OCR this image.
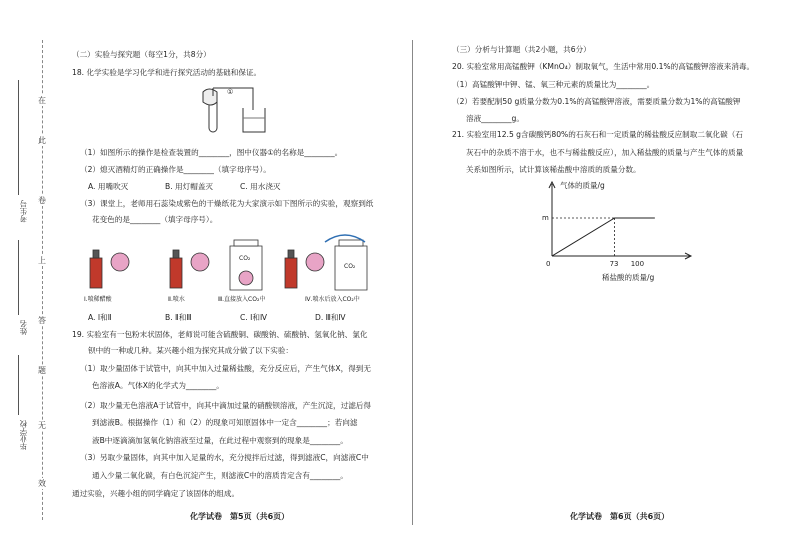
考生号
姓名
毕业学校
在
此
卷
上
答
题
无
效
（二）实验与探究题（每空1分，共8分）
18. 化学实验是学习化学和进行探究活动的基础和保证。
①
（1）如图所示的操作是检查装置的________，图中仪器①的名称是________。
（2）熄灭酒精灯的正确操作是________（填字母序号）。
A. 用嘴吹灭	B. 用灯帽盖灭	C. 用水浇灭
（3）课堂上，老师用石蕊染成紫色的干燥纸花为大家演示如下图所示的实验，观察到纸
花变色的是________（填字母序号）。
CO₂
CO₂
Ⅰ.喷稀醋酸	Ⅱ.喷水	Ⅲ.直接放入CO₂中	Ⅳ.喷水后放入CO₂中
A. Ⅰ和Ⅱ	B. Ⅱ和Ⅲ	C. Ⅰ和Ⅳ	D. Ⅲ和Ⅳ
19. 实验室有一包粉末状固体，老师说可能含硫酸铜、碳酸钠、硫酸钠、氢氧化钠、氯化
钡中的一种或几种。某兴趣小组为探究其成分做了以下实验：
（1）取少量固体于试管中，向其中加入过量稀盐酸，充分反应后，产生气体X，得到无
色溶液A。气体X的化学式为________。
（2）取少量无色溶液A于试管中，向其中滴加过量的硝酸钡溶液，产生沉淀，过滤后得
到滤液B。根据操作（1）和（2）的现象可知原固体中一定含________；若向滤
液B中逐滴滴加氢氧化钠溶液至过量，在此过程中观察到的现象是________。
（3）另取少量固体，向其中加入足量的水，充分搅拌后过滤，得到滤液C，向滤液C中
通入少量二氧化碳，有白色沉淀产生，则滤液C中的溶质肯定含有________。
通过实验，兴趣小组的同学确定了该固体的组成。
化学试卷　第5页（共6页）
（三）分析与计算题（共2小题，共6分）
20. 实验室常用高锰酸钾（KMnO₄）制取氧气，生活中常用0.1%的高锰酸钾溶液来消毒。
（1）高锰酸钾中钾、锰、氧三种元素的质量比为________。
（2）若要配制50 g质量分数为0.1%的高锰酸钾溶液，需要质量分数为1%的高锰酸钾
溶液________g。
21. 实验室用12.5 g含碳酸钙80%的石灰石和一定质量的稀盐酸反应制取二氧化碳（石
灰石中的杂质不溶于水，也不与稀盐酸反应），加入稀盐酸的质量与产生气体的质量
关系如图所示，试计算该稀盐酸中溶质的质量分数。
气体的质量/g
m
0	73 100
稀盐酸的质量/g
化学试卷　第6页（共6页）
